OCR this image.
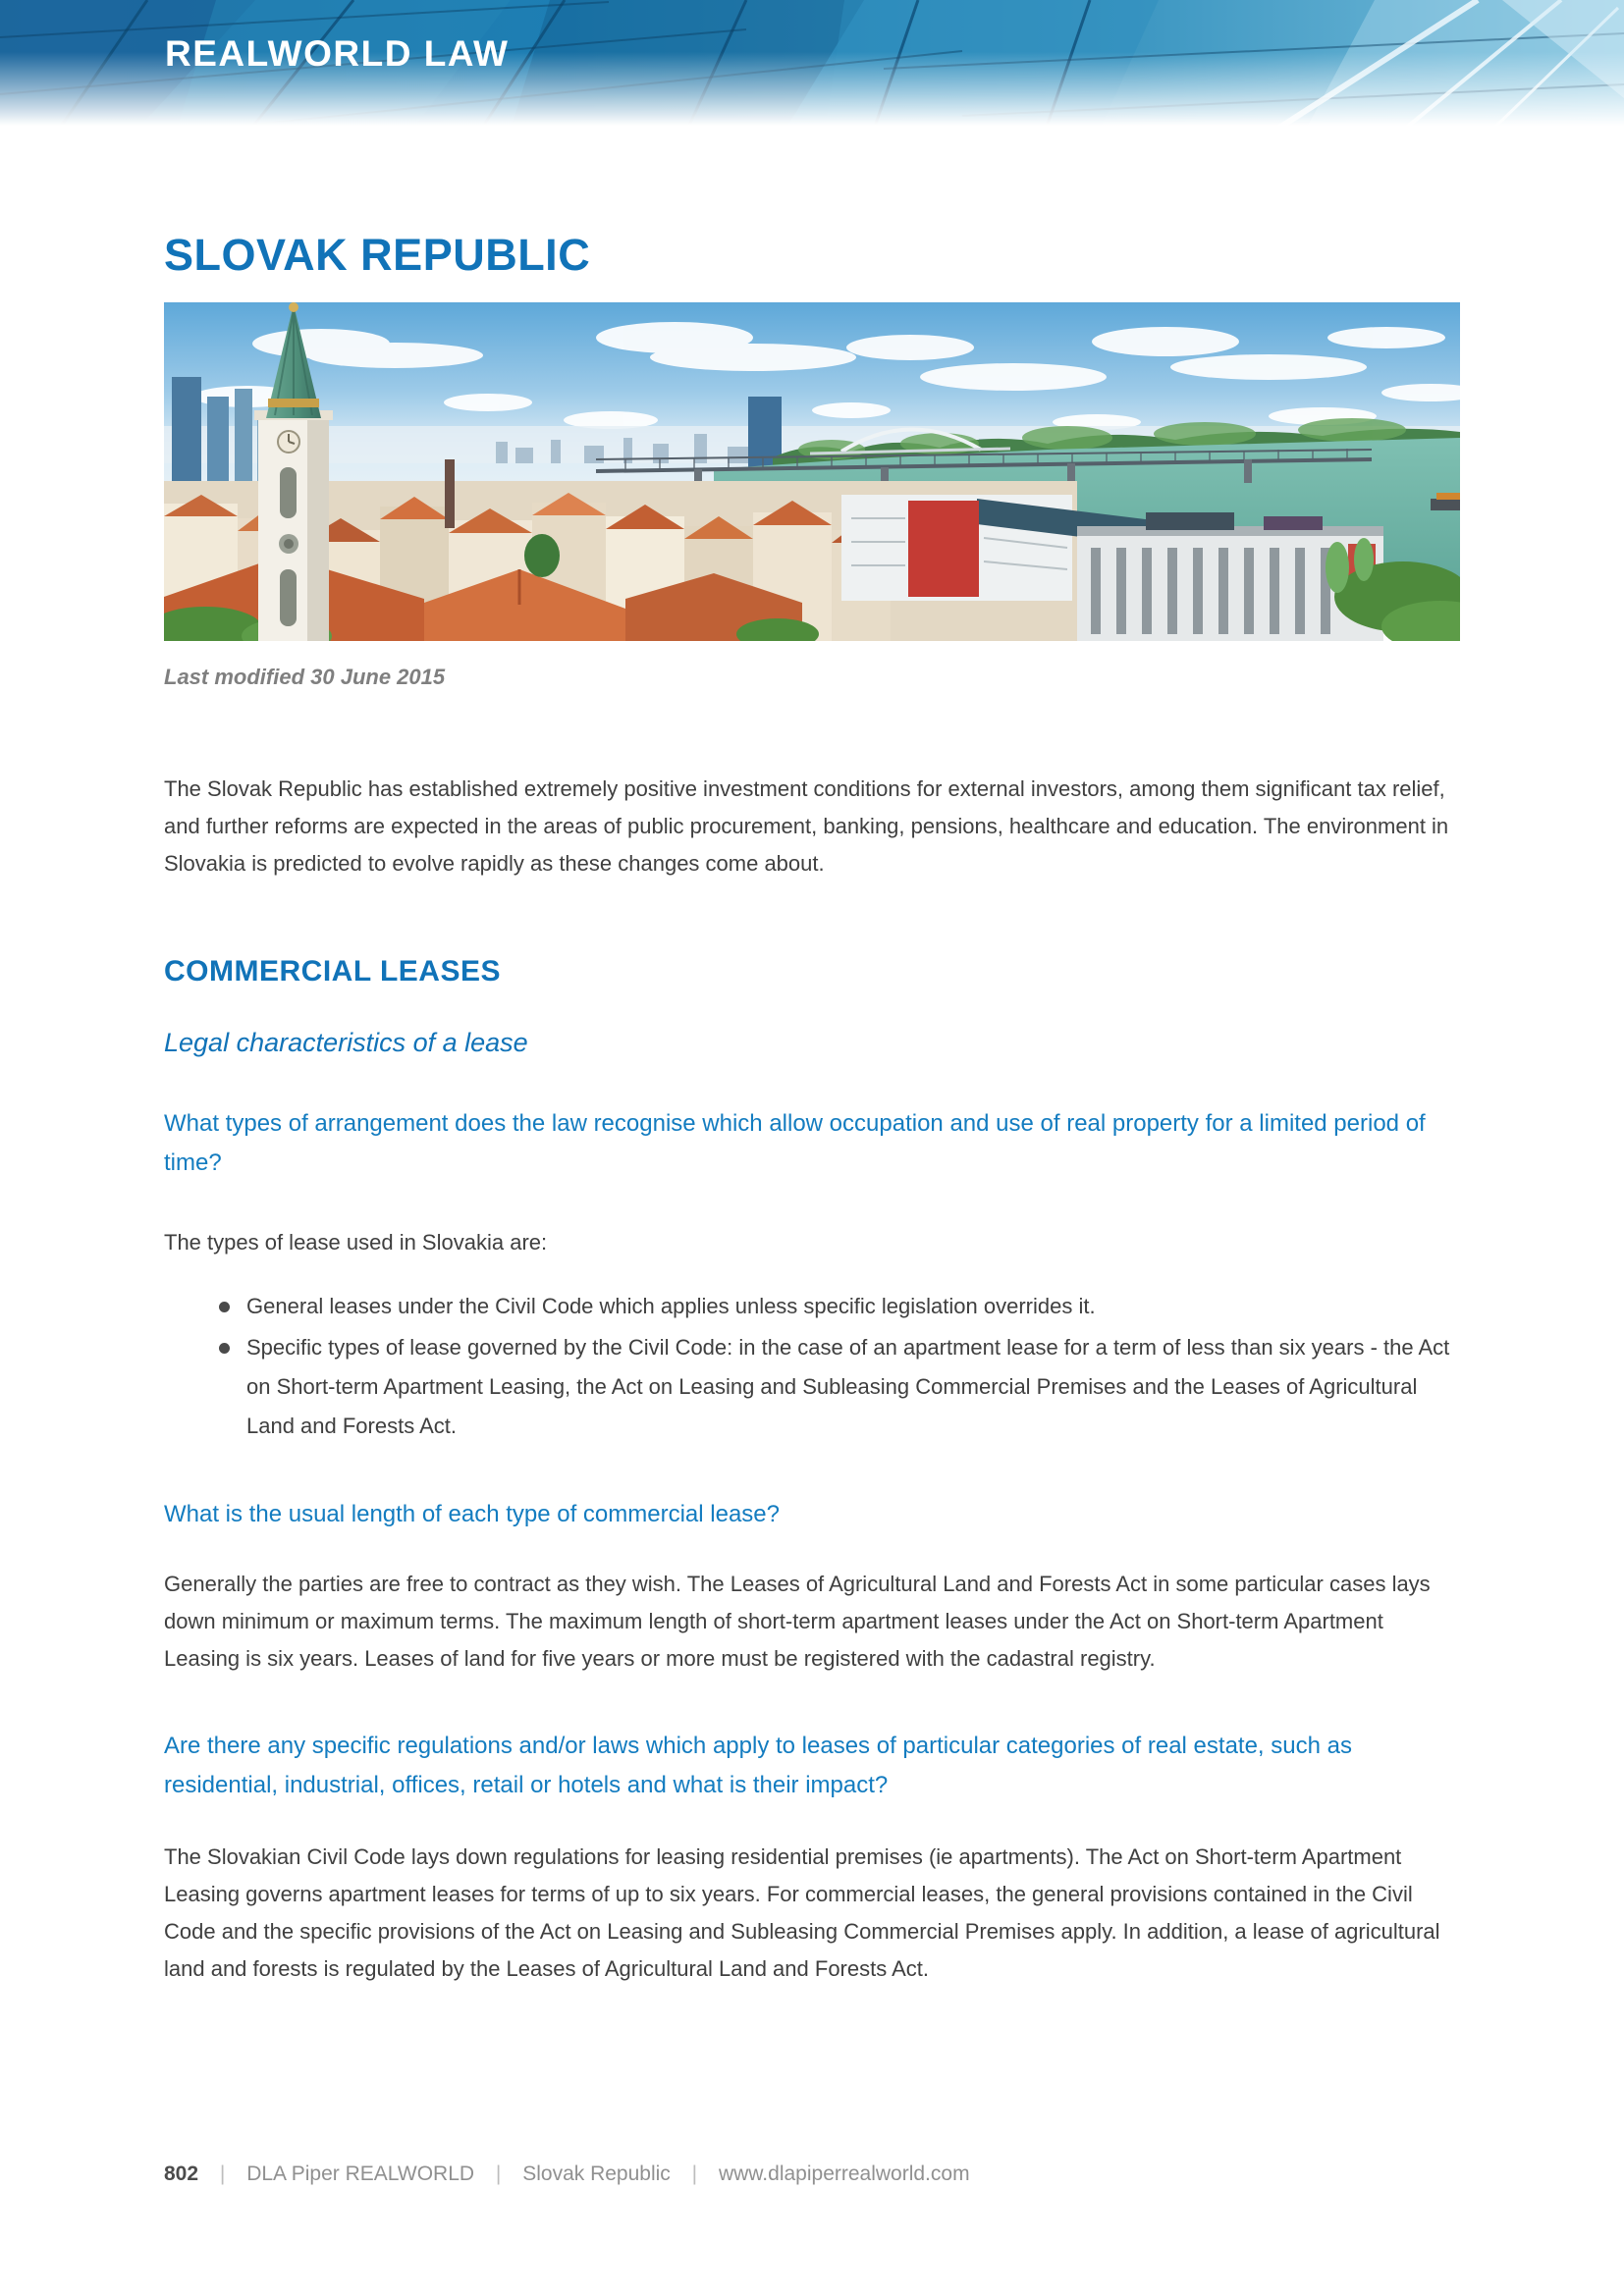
REALWORLD LAW
SLOVAK REPUBLIC
Last modified 30 June 2015

The Slovak Republic has established extremely positive investment conditions for external investors, among them significant tax relief, and further reforms are expected in the areas of public procurement, banking, pensions, healthcare and education. The environment in Slovakia is predicted to evolve rapidly as these changes come about.

COMMERCIAL LEASES
Legal characteristics of a lease
What types of arrangement does the law recognise which allow occupation and use of real property for a limited period of time?

The types of lease used in Slovakia are:

General leases under the Civil Code which applies unless specific legislation overrides it.
Specific types of lease governed by the Civil Code: in the case of an apartment lease for a term of less than six years - the Act on Short-term Apartment Leasing, the Act on Leasing and Subleasing Commercial Premises and the Leases of Agricultural Land and Forests Act.
What is the usual length of each type of commercial lease?

Generally the parties are free to contract as they wish. The Leases of Agricultural Land and Forests Act in some particular cases lays down minimum or maximum terms. The maximum length of short-term apartment leases under the Act on Short-term Apartment Leasing is six years. Leases of land for five years or more must be registered with the cadastral registry.

Are there any specific regulations and/or laws which apply to leases of particular categories of real estate, such as residential, industrial, offices, retail or hotels and what is their impact?

The Slovakian Civil Code lays down regulations for leasing residential premises (ie apartments). The Act on Short-term Apartment Leasing governs apartment leases for terms of up to six years. For commercial leases, the general provisions contained in the Civil Code and the specific provisions of the Act on Leasing and Subleasing Commercial Premises apply. In addition, a lease of agricultural land and forests is regulated by the Leases of Agricultural Land and Forests Act.

802 | DLA Piper REALWORLD | Slovak Republic | www.dlapiperrealworld.com
